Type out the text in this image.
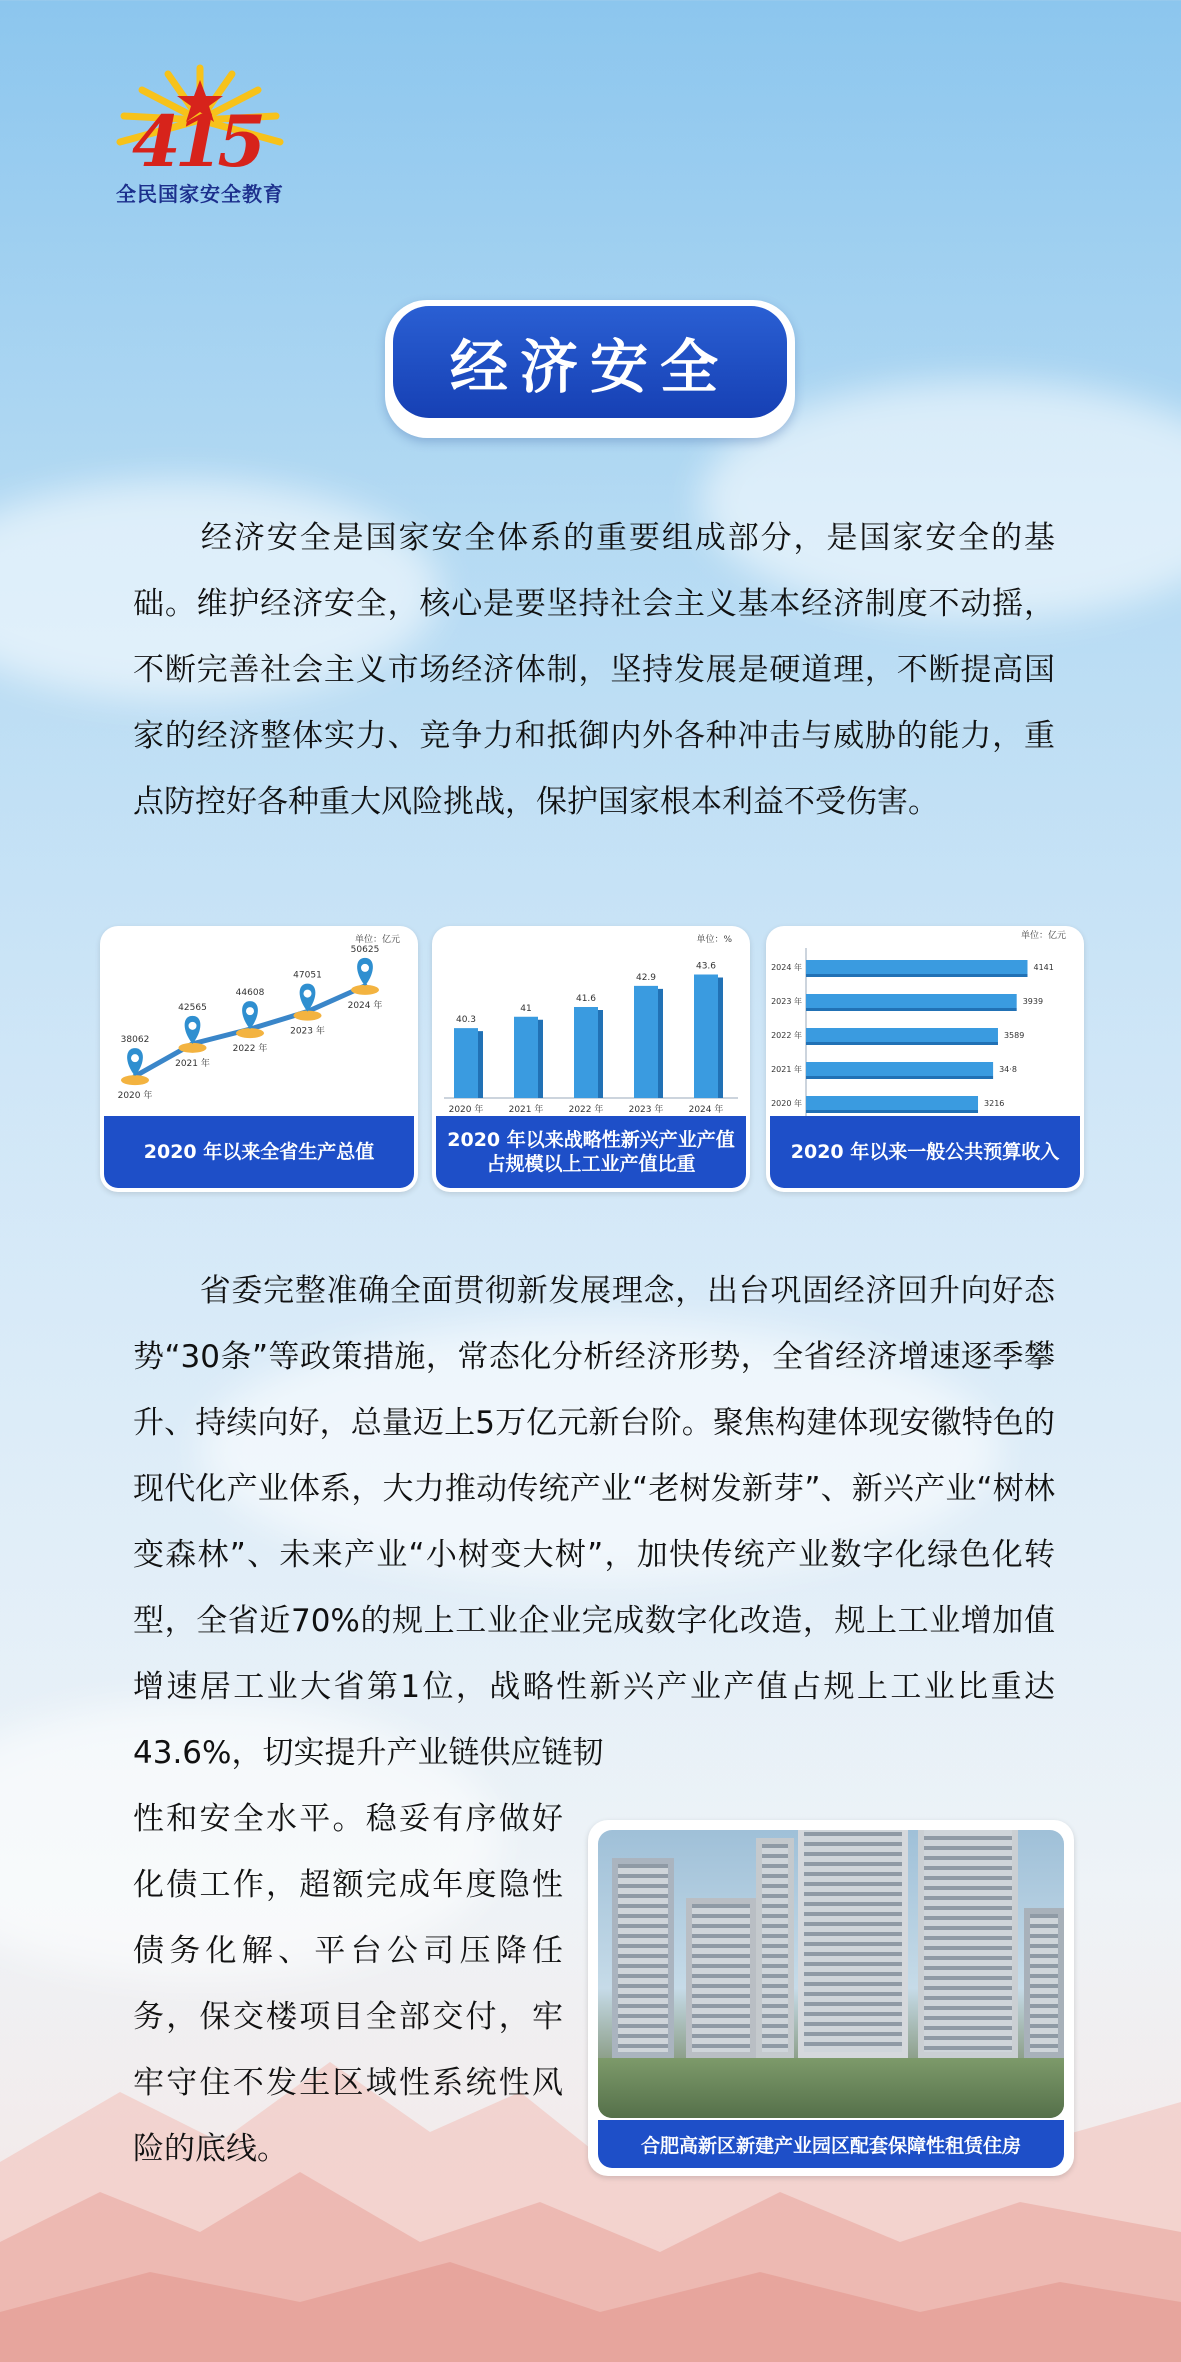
415
全民国家安全教育
经济安全
经济安全是国家安全体系的重要组成部分，是国家安全的基础。维护经济安全，核心是要坚持社会主义基本经济制度不动摇，不断完善社会主义市场经济体制，坚持发展是硬道理，不断提高国家的经济整体实力、竞争力和抵御内外各种冲击与威胁的能力，重点防控好各种重大风险挑战，保护国家根本利益不受伤害。
单位：亿元
38062
2020 年
42565
2021 年
44608
2022 年
47051
2023 年
50625
2024 年
2020 年以来全省生产总值
单位：%
40.3
2020 年
41
2021 年
41.6
2022 年
42.9
2023 年
43.6
2024 年
2020 年以来战略性新兴产业产值占规模以上工业产值比重
单位：亿元
2024 年	4141
2023 年	3939
2022 年	3589
2021 年	34·8
2020 年	3216
2020 年以来一般公共预算收入
省委完整准确全面贯彻新发展理念，出台巩固经济回升向好态势“30条”等政策措施，常态化分析经济形势，全省经济增速逐季攀升、持续向好，总量迈上5万亿元新台阶。聚焦构建体现安徽特色的现代化产业体系，大力推动传统产业“老树发新芽”、新兴产业“树林变森林”、未来产业“小树变大树”，加快传统产业数字化绿色化转型，全省近70%的规上工业企业完成数字化改造，规上工业增加值增速居工业大省第1位，战略性新兴产业产值占规上工业比重达43.6%，切实提升产业链供应链韧
性和安全水平。稳妥有序做好化债工作，超额完成年度隐性债务化解、平台公司压降任务，保交楼项目全部交付，牢牢守住不发生区域性系统性风险的底线。	合肥高新区新建产业园区配套保障性租赁住房
